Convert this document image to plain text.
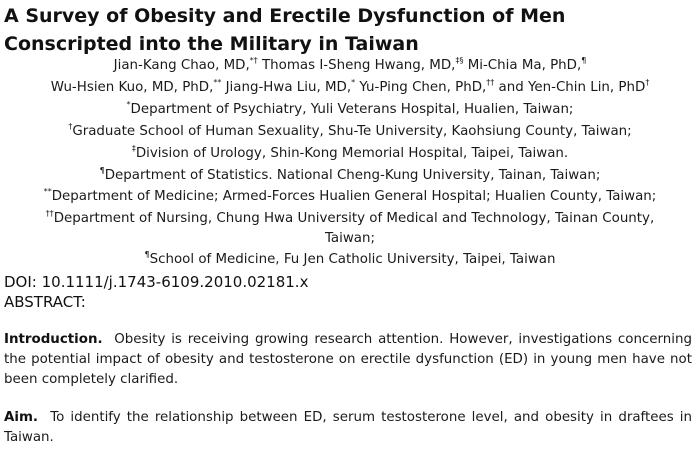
A Survey of Obesity and Erectile Dysfunction of Men Conscripted into the Military in Taiwan
Jian-Kang Chao, MD,*† Thomas I-Sheng Hwang, MD,‡§ Mi-Chia Ma, PhD,¶
Wu-Hsien Kuo, MD, PhD,** Jiang-Hwa Liu, MD,* Yu-Ping Chen, PhD,†† and Yen-Chin Lin, PhD†
*Department of Psychiatry, Yuli Veterans Hospital, Hualien, Taiwan;
†Graduate School of Human Sexuality, Shu-Te University, Kaohsiung County, Taiwan;
‡Division of Urology, Shin-Kong Memorial Hospital, Taipei, Taiwan.
¶Department of Statistics. National Cheng-Kung University, Tainan, Taiwan;
**Department of Medicine; Armed-Forces Hualien General Hospital; Hualien County, Taiwan;
††Department of Nursing, Chung Hwa University of Medical and Technology, Tainan County,
Taiwan;
¶School of Medicine, Fu Jen Catholic University, Taipei, Taiwan
DOI: 10.1111/j.1743-6109.2010.02181.x
ABSTRACT:
Introduction. Obesity is receiving growing research attention. However, investigations concerning the potential impact of obesity and testosterone on erectile dysfunction (ED) in young men have not been completely clarified.
Aim. To identify the relationship between ED, serum testosterone level, and obesity in draftees in Taiwan.
